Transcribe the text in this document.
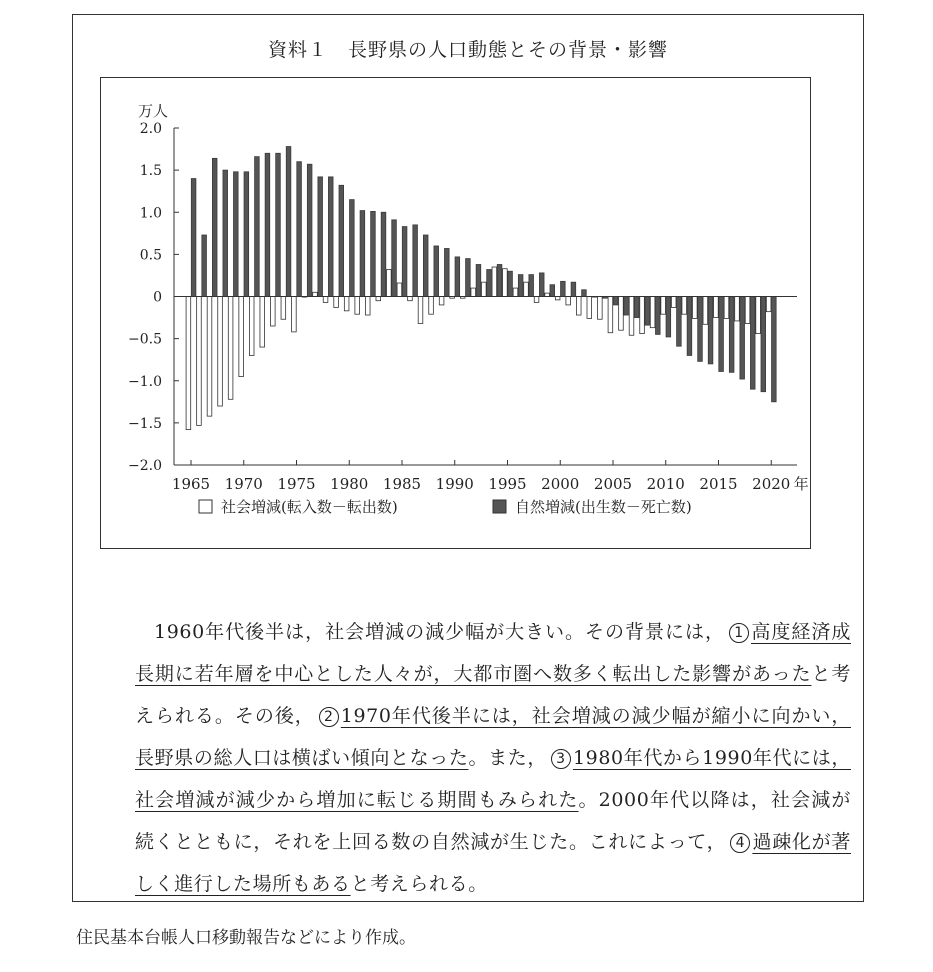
資料１　長野県の人口動態とその背景・影響
万人
2.0
1.5
1.0
0.5
0
−0.5
−1.0
−1.5
−2.0
1965 1970 1975 1980 1985 1990 1995 2000 2005 2010 2015 2020 年
社会増減(転入数－転出数)	自然増減(出生数－死亡数)

1960年代後半は，社会増減の減少幅が大きい。その背景には， 1 高度経済成長期に若年層を中心とした人々が，大都市圏へ数多く転出した影響があったと考えられる。その後， 2 1970年代後半には，社会増減の減少幅が縮小に向かい，長野県の総人口は横ばい傾向となった。また， 3 1980年代から1990年代には，社会増減が減少から増加に転じる期間もみられた。2000年代以降は，社会減が続くとともに，それを上回る数の自然減が生じた。これによって， 4 過疎化が著しく進行した場所もあると考えられる。

住民基本台帳人口移動報告などにより作成。
